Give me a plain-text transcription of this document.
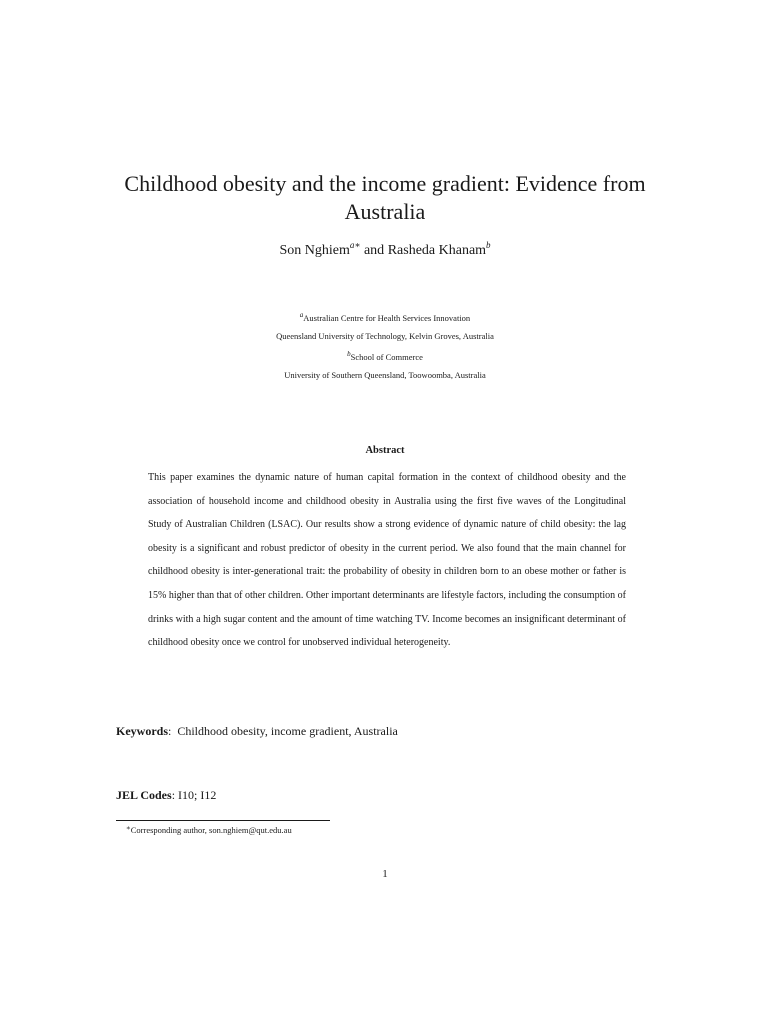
Childhood obesity and the income gradient: Evidence from Australia
Son Nghiem$^{a∗}$ and Rasheda Khanam$^b$
$^a$Australian Centre for Health Services Innovation
Queensland University of Technology, Kelvin Groves, Australia
$^b$School of Commerce
University of Southern Queensland, Toowoomba, Australia
Abstract

This paper examines the dynamic nature of human capital formation in the context of childhood obesity and the association of household income and childhood obesity in Australia using the first five waves of the Longitudinal Study of Australian Children (LSAC). Our results show a strong evidence of dynamic nature of child obesity: the lag obesity is a significant and robust predictor of obesity in the current period. We also found that the main channel for childhood obesity is inter-generational trait: the probability of obesity in children born to an obese mother or father is 15% higher than that of other children. Other important determinants are lifestyle factors, including the consumption of drinks with a high sugar content and the amount of time watching TV. Income becomes an insignificant determinant of childhood obesity once we control for unobserved individual heterogeneity.

Keywords:  Childhood obesity, income gradient, Australia
JEL Codes: I10; I12
∗Corresponding author, son.nghiem@qut.edu.au
1
